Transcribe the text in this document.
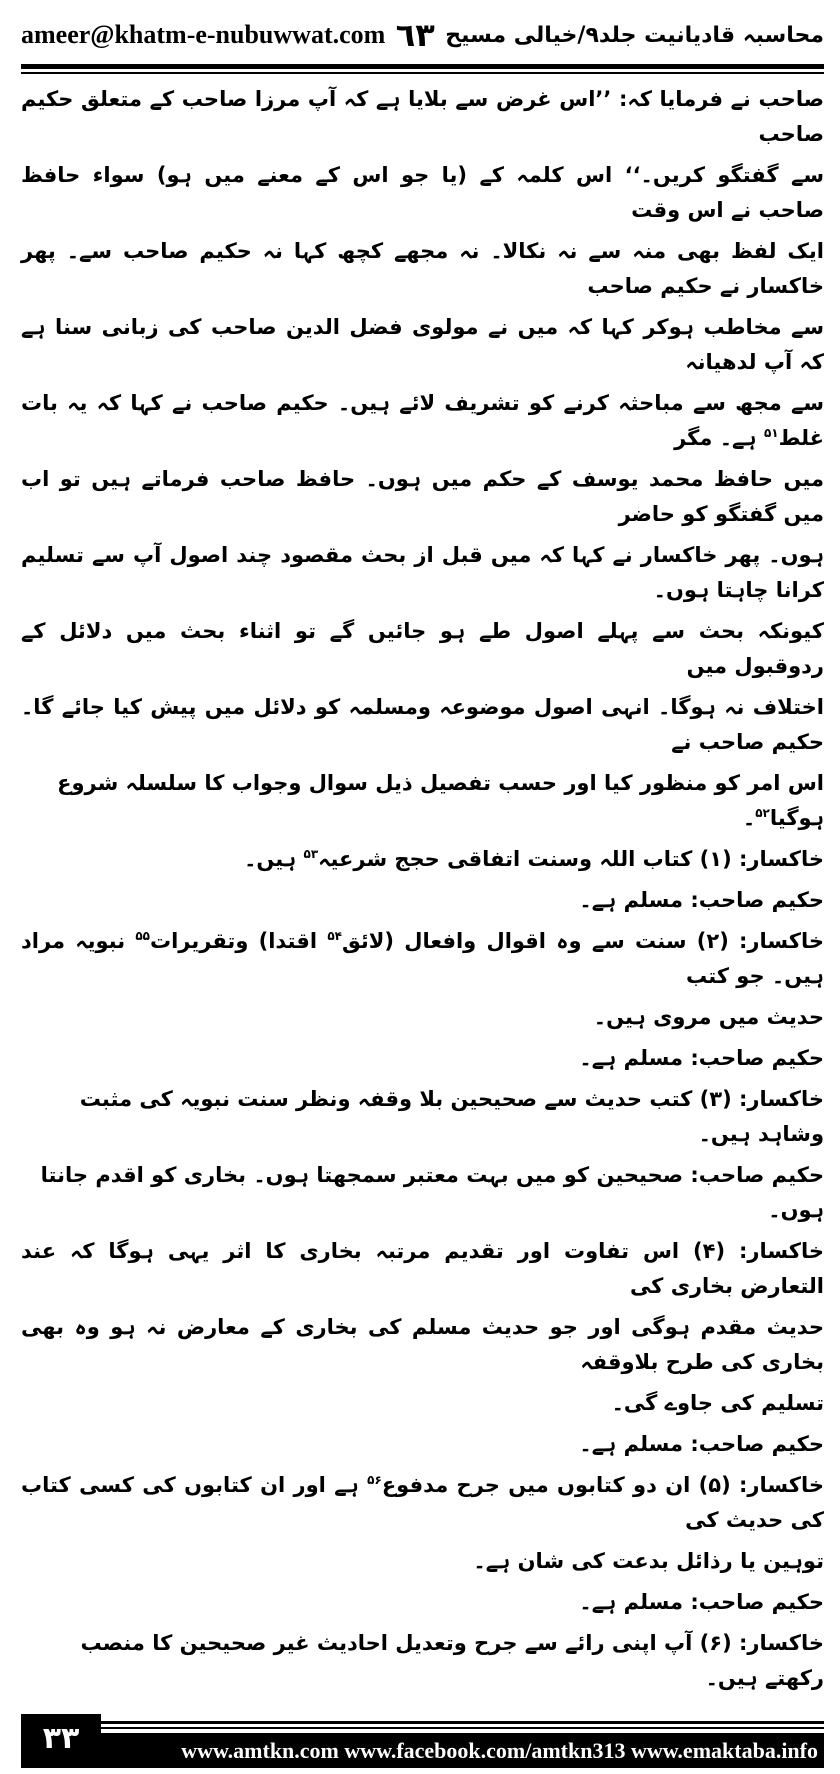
ameer@khatm-e-nubuwwat.com ٦٣ محاسبہ قادیانیت جلد۹/خیالی مسیح
صاحب نے فرمایا کہ: ’’اس غرض سے بلایا ہے کہ آپ مرزا صاحب کے متعلق حکیم صاحب
سے گفتگو کریں۔‘‘ اس کلمہ کے (یا جو اس کے معنے میں ہو) سواء حافظ صاحب نے اس وقت
ایک لفظ بھی منہ سے نہ نکالا۔ نہ مجھے کچھ کہا نہ حکیم صاحب سے۔ پھر خاکسار نے حکیم صاحب
سے مخاطب ہوکر کہا کہ میں نے مولوی فضل الدین صاحب کی زبانی سنا ہے کہ آپ لدھیانہ
سے مجھ سے مباحثہ کرنے کو تشریف لائے ہیں۔ حکیم صاحب نے کہا کہ یہ بات غلط$^{۵۱}$ ہے۔ مگر
میں حافظ محمد یوسف کے حکم میں ہوں۔ حافظ صاحب فرماتے ہیں تو اب میں گفتگو کو حاضر
ہوں۔ پھر خاکسار نے کہا کہ میں قبل از بحث مقصود چند اصول آپ سے تسلیم کرانا چاہتا ہوں۔
کیونکہ بحث سے پہلے اصول طے ہو جائیں گے تو اثناء بحث میں دلائل کے ردوقبول میں
اختلاف نہ ہوگا۔ انہی اصول موضوعہ ومسلمہ کو دلائل میں پیش کیا جائے گا۔ حکیم صاحب نے
اس امر کو منظور کیا اور حسب تفصیل ذیل سوال وجواب کا سلسلہ شروع ہوگیا$^{۵۲}$۔
خاکسار: (۱) کتاب اللہ وسنت اتفاقی حجج شرعیہ$^{۵۳}$ ہیں۔
حکیم صاحب: مسلم ہے۔
خاکسار: (۲) سنت سے وہ اقوال وافعال (لائق$^{۵۴}$ اقتدا) وتقریرات$^{۵۵}$ نبویہ مراد ہیں۔ جو کتب
حدیث میں مروی ہیں۔
حکیم صاحب: مسلم ہے۔
خاکسار: (۳) کتب حدیث سے صحیحین بلا وقفہ ونظر سنت نبویہ کی مثبت وشاہد ہیں۔
حکیم صاحب: صحیحین کو میں بہت معتبر سمجھتا ہوں۔ بخاری کو اقدم جانتا ہوں۔
خاکسار: (۴) اس تفاوت اور تقدیم مرتبہ بخاری کا اثر یہی ہوگا کہ عند التعارض بخاری کی
حدیث مقدم ہوگی اور جو حدیث مسلم کی بخاری کے معارض نہ ہو وہ بھی بخاری کی طرح بلاوقفہ
تسلیم کی جاوے گی۔
حکیم صاحب: مسلم ہے۔
خاکسار: (۵) ان دو کتابوں میں جرح مدفوع$^{۵۶}$ ہے اور ان کتابوں کی کسی کتاب کی حدیث کی
توہین یا رذائل بدعت کی شان ہے۔
حکیم صاحب: مسلم ہے۔
خاکسار: (۶) آپ اپنی رائے سے جرح وتعدیل احادیث غیر صحیحین کا منصب رکھتے ہیں۔
۳۳	www.amtkn.com www.facebook.com/amtkn313 www.emaktaba.info
